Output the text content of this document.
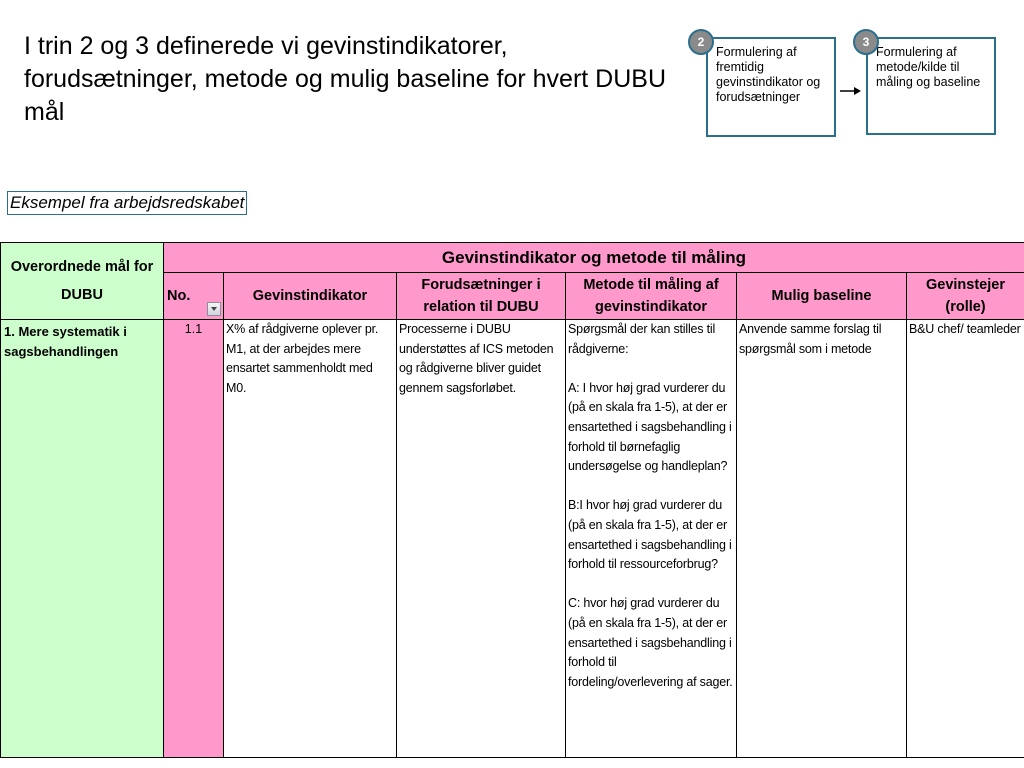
I trin 2 og 3 definerede vi gevinstindikatorer, forudsætninger, metode og mulig baseline for hvert DUBU mål
Formulering af fremtidig gevinstindikator og forudsætninger
2
Formulering af metode/kilde til måling og baseline
3
Eksempel fra arbejdsredskabet
Overordnede mål for DUBU	Gevinstindikator og metode til måling					

	No.	Gevinstindikator	Forudsætninger i relation til DUBU	Metode til måling af gevinstindikator	Mulig baseline	Gevinstejer (rolle)
1. Mere systematik i sagsbehandlingen	1.1	X% af rådgiverne oplever pr. M1, at der arbejdes mere ensartet sammenholdt med M0.	Processerne i DUBU understøttes af ICS metoden og rådgiverne bliver guidet gennem sagsforløbet.	Spørgsmål der kan stilles til rådgiverne:

A: I hvor høj grad vurderer du (på en skala fra 1-5), at der er ensartethed i sagsbehandling i forhold til børnefaglig undersøgelse og handleplan?

B:I hvor høj grad vurderer du (på en skala fra 1-5), at der er ensartethed i sagsbehandling i forhold til ressourceforbrug?

C: hvor høj grad vurderer du (på en skala fra 1-5), at der er ensartethed i sagsbehandling i forhold til fordeling/overlevering af sager.	Anvende samme forslag til spørgsmål som i metode	B&U chef/ teamleder
